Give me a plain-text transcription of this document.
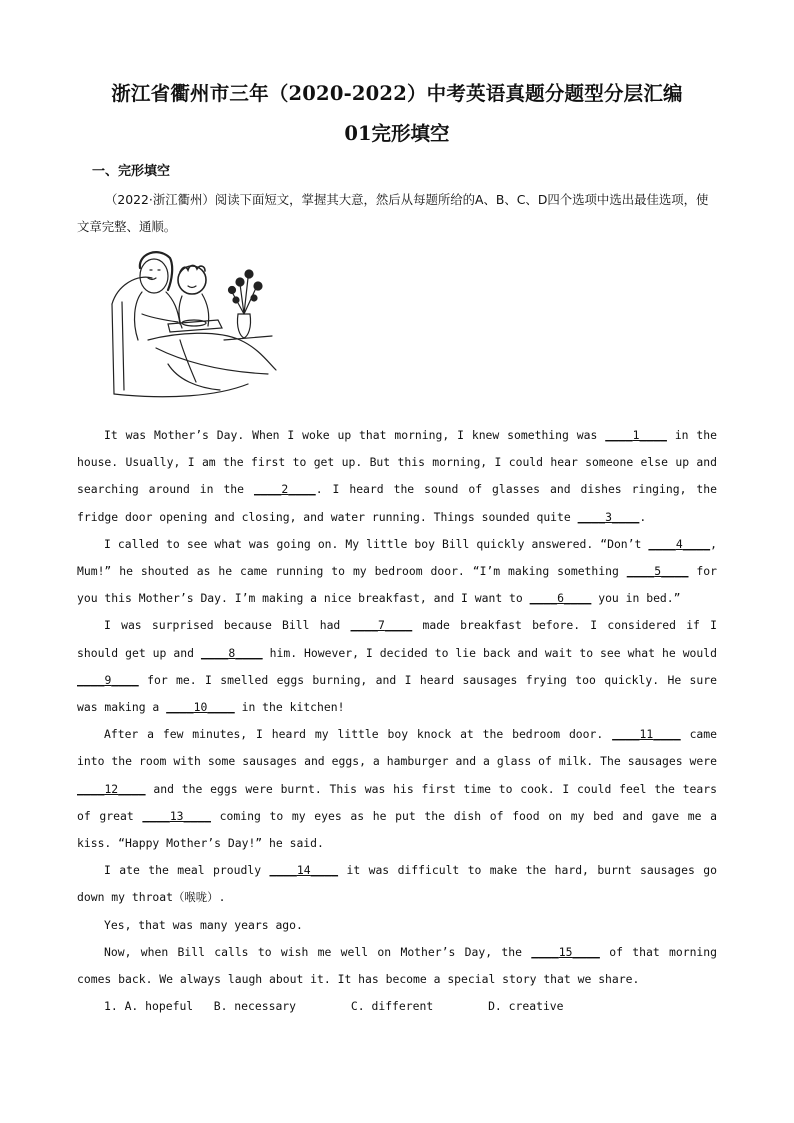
浙江省衢州市三年（2020-2022）中考英语真题分题型分层汇编
01完形填空
一、完形填空
（2022·浙江衢州）阅读下面短文，掌握其大意，然后从每题所给的A、B、C、D四个选项中选出最佳选项，使文章完整、通顺。

It was Mother’s Day. When I woke up that morning, I knew something was ____1____ in the house. Usually, I am the first to get up. But this morning, I could hear someone else up and searching around in the ____2____. I heard the sound of glasses and dishes ringing, the fridge door opening and closing, and water running. Things sounded quite ____3____.

I called to see what was going on. My little boy Bill quickly answered. “Don’t ____4____, Mum!” he shouted as he came running to my bedroom door. “I’m making something ____5____ for you this Mother’s Day. I’m making a nice breakfast, and I want to ____6____ you in bed.”

I was surprised because Bill had ____7____ made breakfast before. I considered if I should get up and ____8____ him. However, I decided to lie back and wait to see what he would ____9____ for me. I smelled eggs burning, and I heard sausages frying too quickly. He sure was making a ____10____ in the kitchen!

After a few minutes, I heard my little boy knock at the bedroom door. ____11____ came into the room with some sausages and eggs, a hamburger and a glass of milk. The sausages were ____12____ and the eggs were burnt. This was his first time to cook. I could feel the tears of great ____13____ coming to my eyes as he put the dish of food on my bed and gave me a kiss. “Happy Mother’s Day!” he said.

I ate the meal proudly ____14____ it was difficult to make the hard, burnt sausages go down my throat（喉咙）.

Yes, that was many years ago.

Now, when Bill calls to wish me well on Mother’s Day, the ____15____ of that morning comes back. We always laugh about it. It has become a special story that we share.

1. A. hopeful B. necessary	C. different	D. creative
